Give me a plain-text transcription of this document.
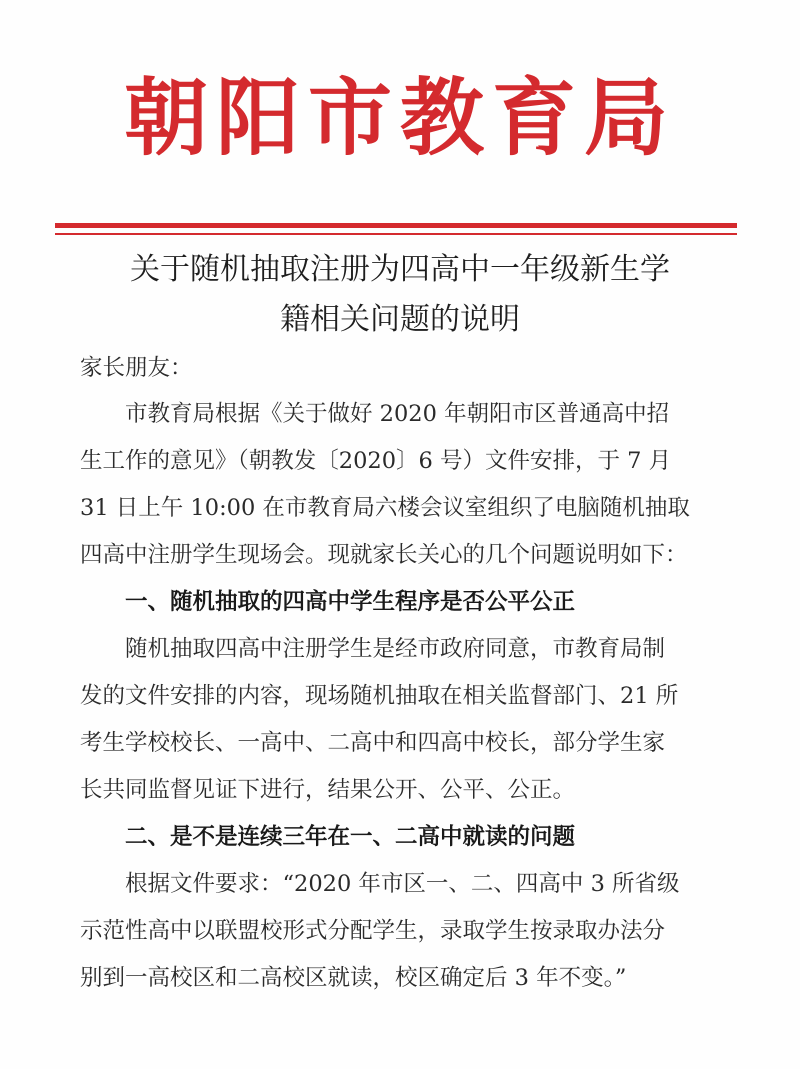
朝阳市教育局
关于随机抽取注册为四高中一年级新生学
籍相关问题的说明
家长朋友：
市教育局根据《关于做好 2020 年朝阳市区普通高中招
生工作的意见》（朝教发〔2020〕6 号）文件安排，于 7 月
31 日上午 10:00 在市教育局六楼会议室组织了电脑随机抽取
四高中注册学生现场会。现就家长关心的几个问题说明如下：
一、随机抽取的四高中学生程序是否公平公正
随机抽取四高中注册学生是经市政府同意，市教育局制
发的文件安排的内容，现场随机抽取在相关监督部门、21 所
考生学校校长、一高中、二高中和四高中校长，部分学生家
长共同监督见证下进行，结果公开、公平、公正。
二、是不是连续三年在一、二高中就读的问题
根据文件要求：“2020 年市区一、二、四高中 3 所省级
示范性高中以联盟校形式分配学生，录取学生按录取办法分
别到一高校区和二高校区就读，校区确定后 3 年不变。”
